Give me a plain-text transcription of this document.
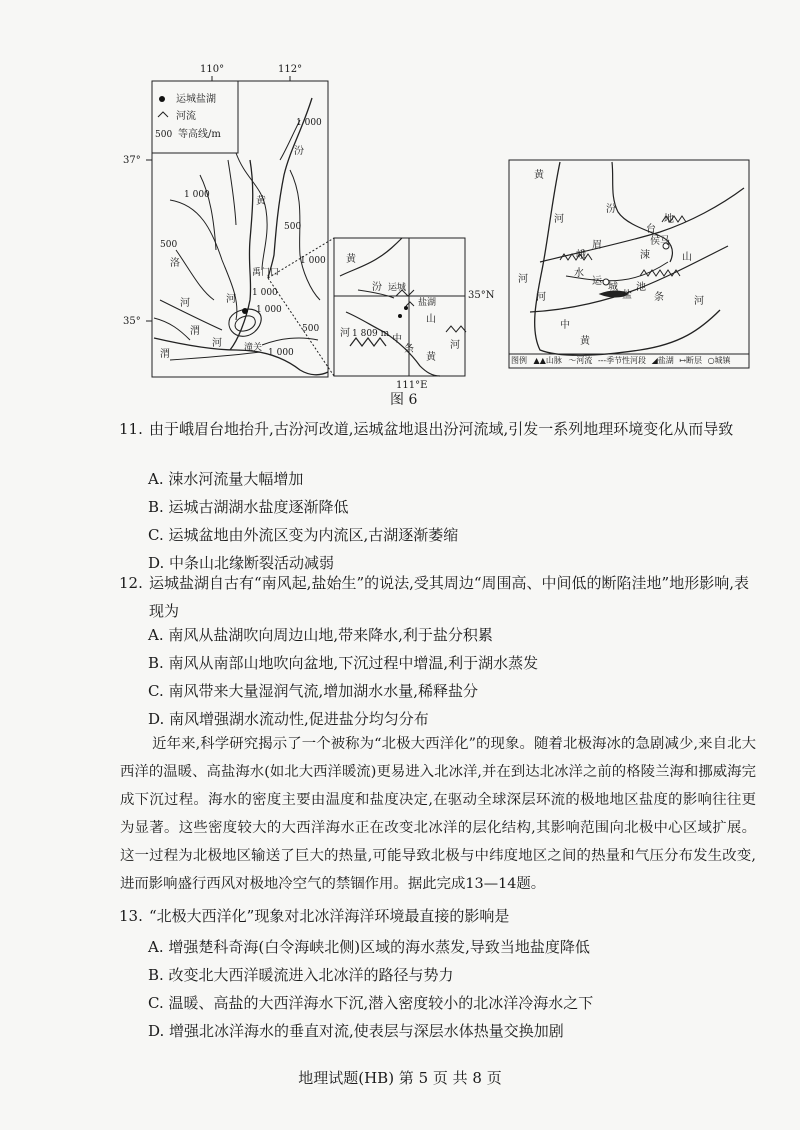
110°	112°
37°
35°
运城盐湖
河流
500 等高线/m
1 000
1 000
500
1 000
1 000
500
1 000
500
1 000
汾
黄
河
洛
河
渭
河
渭
禹门口
潼关
黄
汾 运城
盐湖
山
河 1 809 m 中
条
黄
河
35°N
111°E
黄
河
汾
峨
眉
台
地
涑
水
河	运
城
盐
池
中
条
山
黄
河	河
侯马
图例 ▲▲山脉 ～河流 ---季节性河段 ◢盐湖 ↦断层 ○城镇
图 6
11. 由于峨眉台地抬升,古汾河改道,运城盆地退出汾河流域,引发一系列地理环境变化从而导致
A. 涑水河流量大幅增加
B. 运城古湖湖水盐度逐渐降低
C. 运城盆地由外流区变为内流区,古湖逐渐萎缩
D. 中条山北缘断裂活动减弱
12. 运城盐湖自古有“南风起,盐始生”的说法,受其周边“周围高、中间低的断陷洼地”地形影响,表现为
A. 南风从盐湖吹向周边山地,带来降水,利于盐分积累
B. 南风从南部山地吹向盆地,下沉过程中增温,利于湖水蒸发
C. 南风带来大量湿润气流,增加湖水水量,稀释盐分
D. 南风增强湖水流动性,促进盐分均匀分布
近年来,科学研究揭示了一个被称为“北极大西洋化”的现象。随着北极海冰的急剧减少,来自北大西洋的温暖、高盐海水(如北大西洋暖流)更易进入北冰洋,并在到达北冰洋之前的格陵兰海和挪威海完成下沉过程。海水的密度主要由温度和盐度决定,在驱动全球深层环流的极地地区盐度的影响往往更为显著。这些密度较大的大西洋海水正在改变北冰洋的层化结构,其影响范围向北极中心区域扩展。这一过程为北极地区输送了巨大的热量,可能导致北极与中纬度地区之间的热量和气压分布发生改变,进而影响盛行西风对极地冷空气的禁锢作用。据此完成13—14题。
13. “北极大西洋化”现象对北冰洋海洋环境最直接的影响是
A. 增强楚科奇海(白令海峡北侧)区域的海水蒸发,导致当地盐度降低
B. 改变北大西洋暖流进入北冰洋的路径与势力
C. 温暖、高盐的大西洋海水下沉,潜入密度较小的北冰洋冷海水之下
D. 增强北冰洋海水的垂直对流,使表层与深层水体热量交换加剧
地理试题(HB) 第 5 页 共 8 页
